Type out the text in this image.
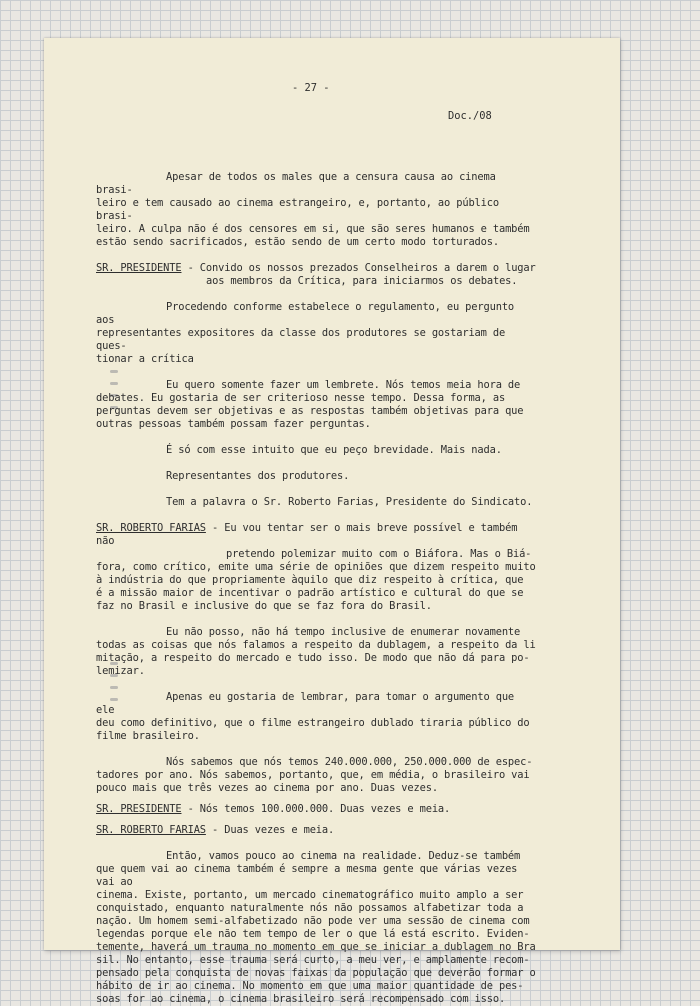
- 27 -
Doc./08

Apesar de todos os males que a censura causa ao cinema brasi-

leiro e tem causado ao cinema estrangeiro, e, portanto, ao público brasi-

leiro. A culpa não é dos censores em si, que são seres humanos e também

estão sendo sacrificados, estão sendo de um certo modo torturados.

SR. PRESIDENTE - Convido os nossos prezados Conselheiros a darem o lugar

aos membros da Crítica, para iniciarmos os debates.

Procedendo conforme estabelece o regulamento, eu pergunto aos

representantes expositores da classe dos produtores se gostariam de ques-

tionar a crítica

Eu quero somente fazer um lembrete. Nós temos meia hora de

debates. Eu gostaria de ser criterioso nesse tempo. Dessa forma, as

perguntas devem ser objetivas e as respostas também objetivas para que

outras pessoas também possam fazer perguntas.

É só com esse intuito que eu peço brevidade. Mais nada.

Representantes dos produtores.

Tem a palavra o Sr. Roberto Farias, Presidente do Sindicato.

SR. ROBERTO FARIAS - Eu vou tentar ser o mais breve possível e também não

pretendo polemizar muito com o Biáfora. Mas o Biá-

fora, como crítico, emite uma série de opiniões que dizem respeito muito

à indústria do que propriamente àquilo que diz respeito à crítica, que

é a missão maior de incentivar o padrão artístico e cultural do que se

faz no Brasil e inclusive do que se faz fora do Brasil.

Eu não posso, não há tempo inclusive de enumerar novamente

todas as coisas que nós falamos a respeito da dublagem, a respeito da li

mitação, a respeito do mercado e tudo isso. De modo que não dá para po-

lemizar.

Apenas eu gostaria de lembrar, para tomar o argumento que ele

deu como definitivo, que o filme estrangeiro dublado tiraria público do

filme brasileiro.

Nós sabemos que nós temos 240.000.000, 250.000.000 de espec-

tadores por ano. Nós sabemos, portanto, que, em média, o brasileiro vai

pouco mais que três vezes ao cinema por ano. Duas vezes.

SR. PRESIDENTE - Nós temos 100.000.000. Duas vezes e meia.

SR. ROBERTO FARIAS - Duas vezes e meia.

Então, vamos pouco ao cinema na realidade. Deduz-se também

que quem vai ao cinema também é sempre a mesma gente que várias vezes vai ao

cinema. Existe, portanto, um mercado cinematográfico muito amplo a ser

conquistado, enquanto naturalmente nós não possamos alfabetizar toda a

nação. Um homem semi-alfabetizado não pode ver uma sessão de cinema com

legendas porque ele não tem tempo de ler o que lá está escrito. Eviden-

temente, haverá um trauma no momento em que se iniciar a dublagem no Bra

sil. No entanto, esse trauma será curto, a meu ver, e amplamente recom-

pensado pela conquista de novas faixas da população que deverão formar o

hábito de ir ao cinema. No momento em que uma maior quantidade de pes-

soas for ao cinema, o cinema brasileiro será recompensado com isso.
